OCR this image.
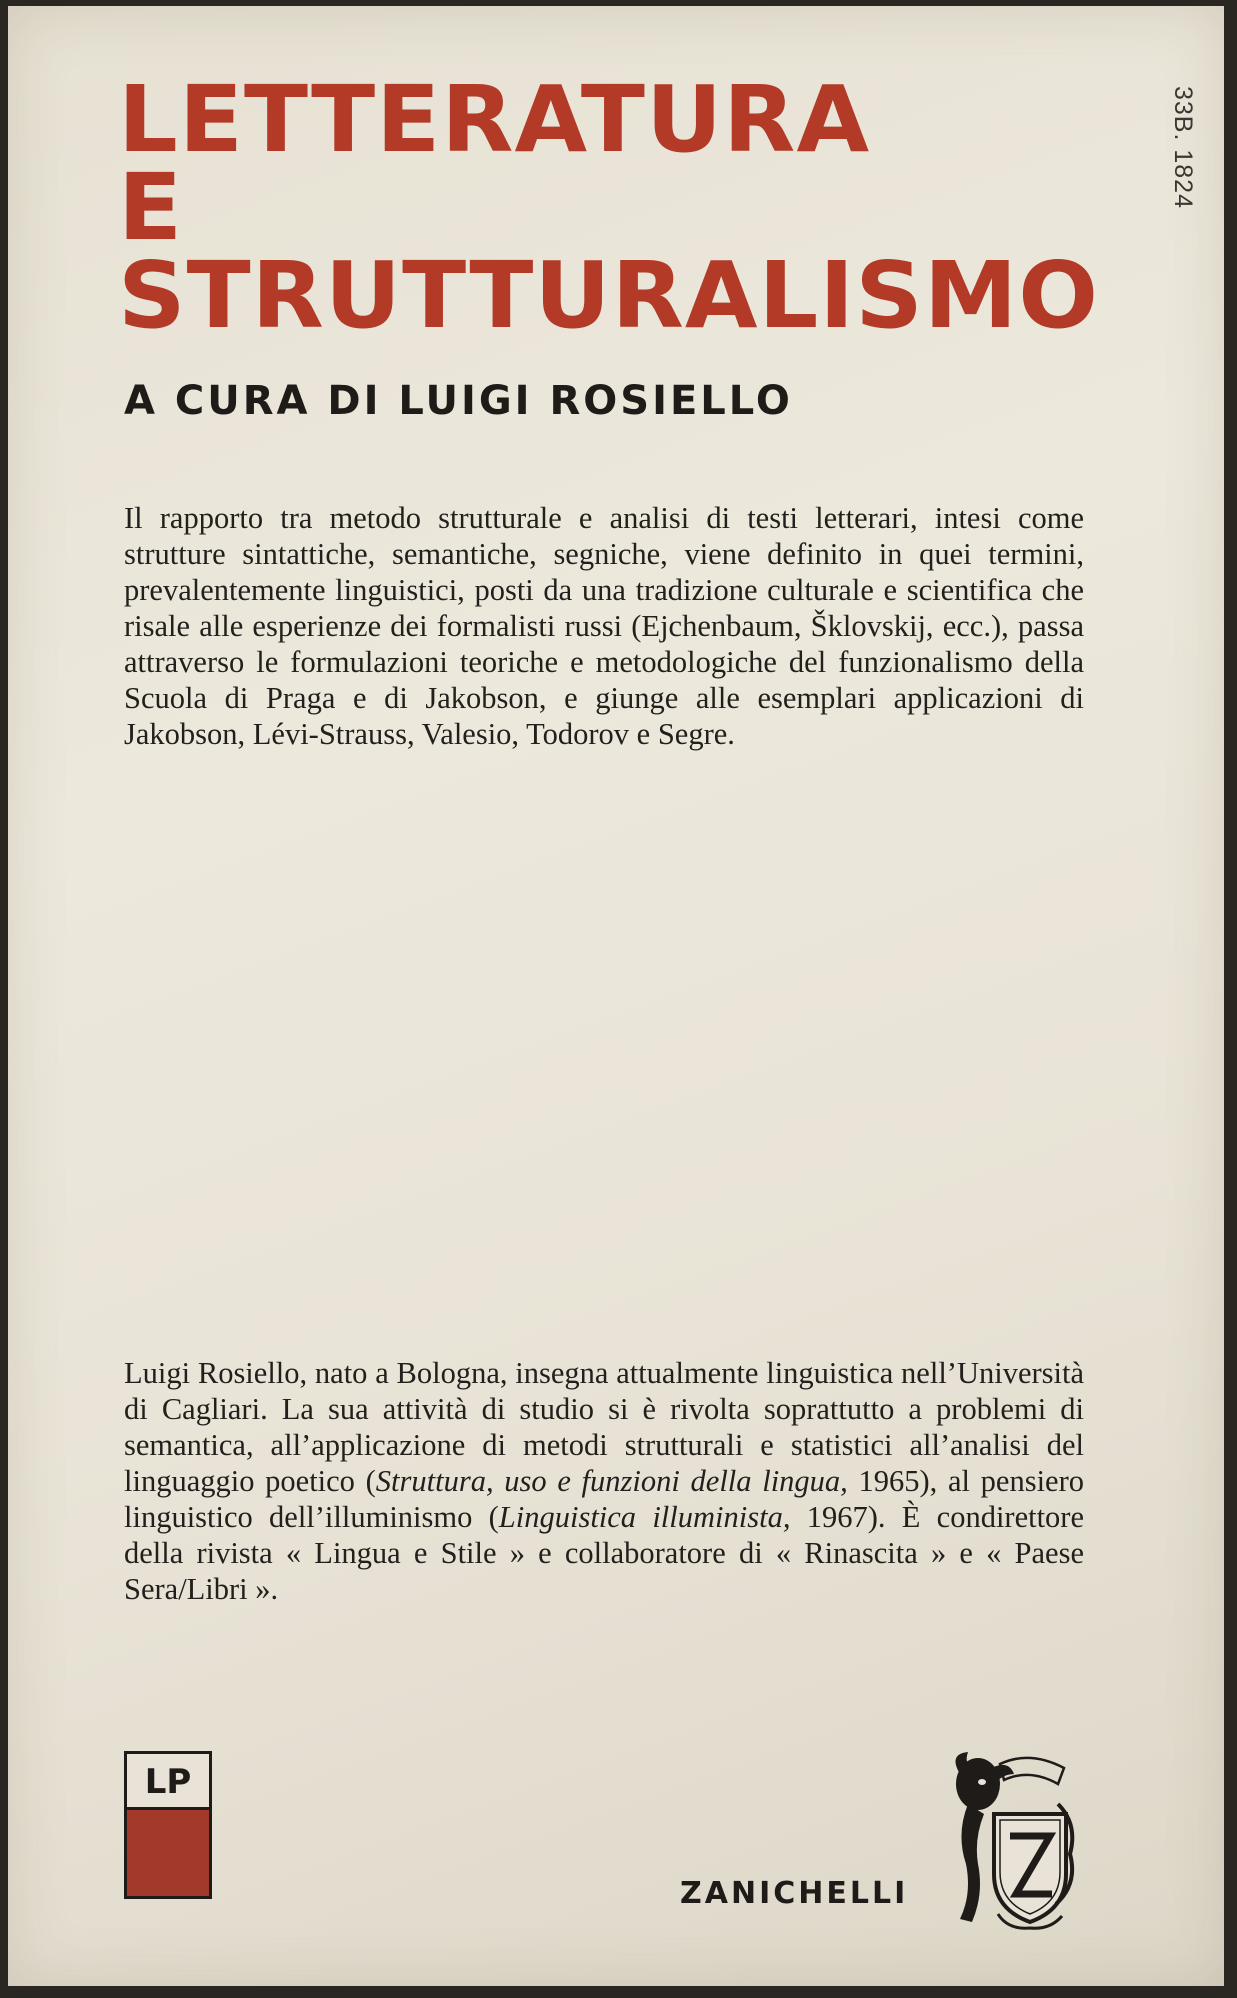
LETTERATURA
E
STRUTTURALISMO
33B. 1824
A CURA DI LUIGI ROSIELLO

Il rapporto tra metodo strutturale e analisi di testi letterari, intesi come strutture sintattiche, semantiche, segniche, viene definito in quei termini, prevalentemente linguistici, posti da una tradizione culturale e scientifica che risale alle esperienze dei formalisti russi (Ejchenbaum, Šklovskij, ecc.), passa attraverso le formulazioni teoriche e metodologiche del funzionalismo della Scuola di Praga e di Jakobson, e giunge alle esemplari applicazioni di Jakobson, Lévi-Strauss, Valesio, Todorov e Segre.

Luigi Rosiello, nato a Bologna, insegna attualmente linguistica nell’Università di Cagliari. La sua attività di studio si è rivolta soprattutto a problemi di semantica, all’applicazione di metodi strutturali e statistici all’analisi del linguaggio poetico (Struttura, uso e funzioni della lingua, 1965), al pensiero linguistico dell’illuminismo (Linguistica illuminista, 1967). È condirettore della rivista « Lingua e Stile » e collaboratore di « Rinascita » e « Paese Sera/Libri ».

LP
ZANICHELLI
